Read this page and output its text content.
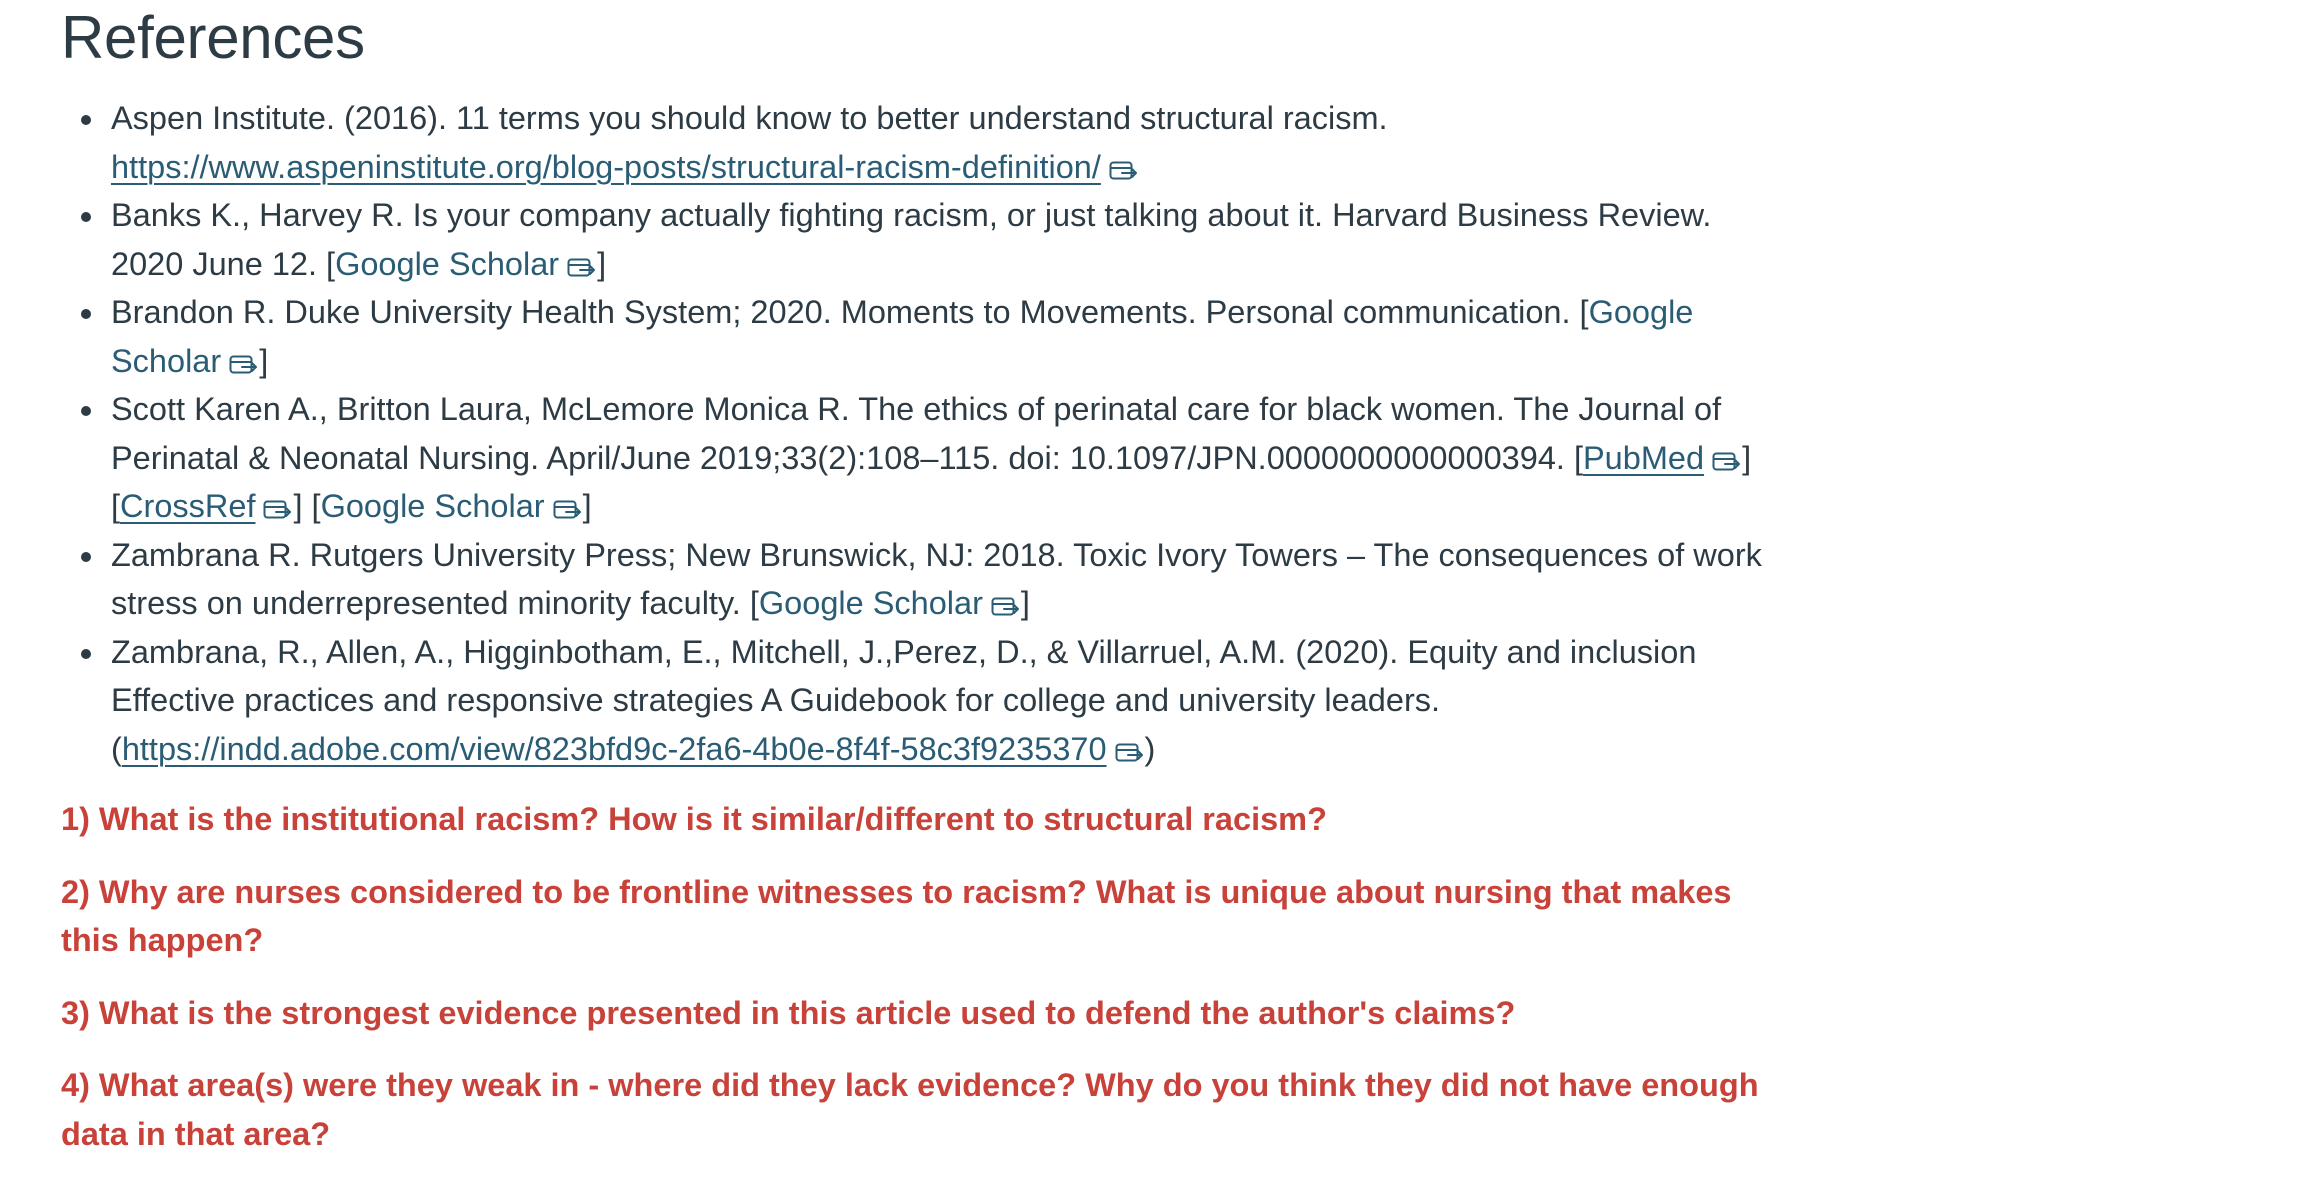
References
Aspen Institute. (2016). 11 terms you should know to better understand structural racism. https://www.aspeninstitute.org/blog-posts/structural-racism-definition/
Banks K., Harvey R. Is your company actually fighting racism, or just talking about it. Harvard Business Review. 2020 June 12. [Google Scholar ]
Brandon R. Duke University Health System; 2020. Moments to Movements. Personal communication. [Google Scholar ]
Scott Karen A., Britton Laura, McLemore Monica R. The ethics of perinatal care for black women. The Journal of Perinatal & Neonatal Nursing. April/June 2019;33(2):108–115. doi: 10.1097/JPN.0000000000000394. [PubMed ] [CrossRef ] [Google Scholar ]
Zambrana R. Rutgers University Press; New Brunswick, NJ: 2018. Toxic Ivory Towers – The consequences of work stress on underrepresented minority faculty. [Google Scholar ]
Zambrana, R., Allen, A., Higginbotham, E., Mitchell, J.,Perez, D., & Villarruel, A.M. (2020). Equity and inclusion Effective practices and responsive strategies A Guidebook for college and university leaders.
(https://indd.adobe.com/view/823bfd9c-2fa6-4b0e-8f4f-58c3f9235370 )

1) What is the institutional racism? How is it similar/different to structural racism?

2) Why are nurses considered to be frontline witnesses to racism? What is unique about nursing that makes this happen?

3) What is the strongest evidence presented in this article used to defend the author's claims?

4) What area(s) were they weak in - where did they lack evidence? Why do you think they did not have enough data in that area?
